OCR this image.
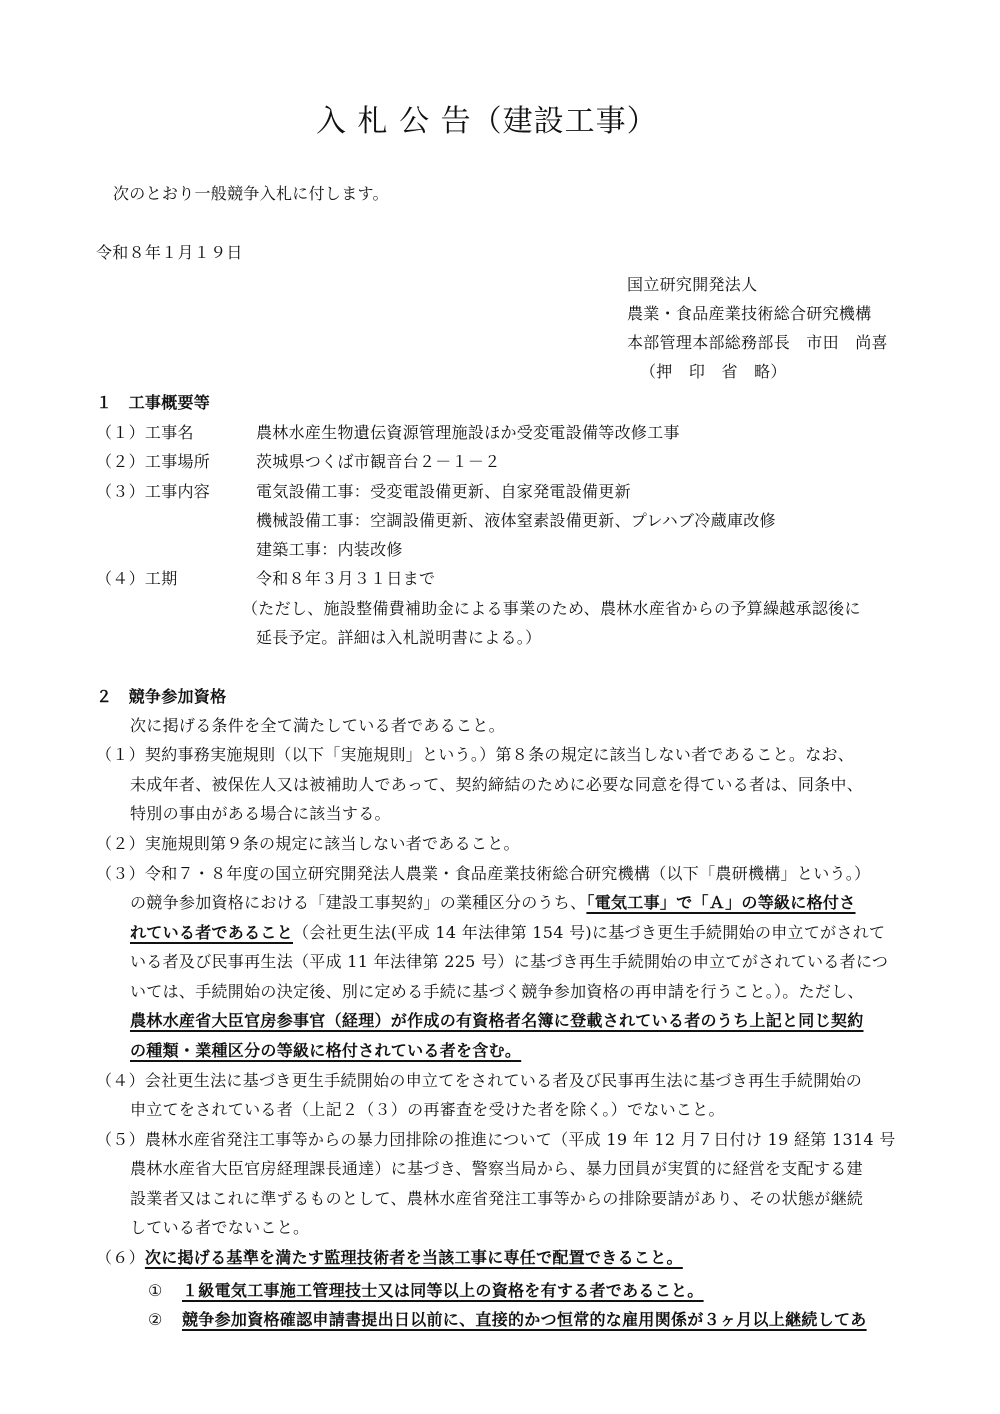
入 札 公 告（建設工事）
次のとおり一般競争入札に付します。
令和８年１月１９日
国立研究開発法人
農業・食品産業技術総合研究機構
本部管理本部総務部長　市田　尚喜
（押　印　省　略）
１　工事概要等
（１）工事名	農林水産生物遺伝資源管理施設ほか受変電設備等改修工事
（２）工事場所	茨城県つくば市観音台２－１－２
（３）工事内容	電気設備工事：受変電設備更新、自家発電設備更新
機械設備工事：空調設備更新、液体窒素設備更新、プレハブ冷蔵庫改修
建築工事：内装改修
（４）工期	令和８年３月３１日まで
（ただし、施設整備費補助金による事業のため、農林水産省からの予算繰越承認後に
延長予定。詳細は入札説明書による。）
２　競争参加資格
次に掲げる条件を全て満たしている者であること。
（１）契約事務実施規則（以下「実施規則」という。）第８条の規定に該当しない者であること。なお、
未成年者、被保佐人又は被補助人であって、契約締結のために必要な同意を得ている者は、同条中、
特別の事由がある場合に該当する。
（２）実施規則第９条の規定に該当しない者であること。
（３）令和７・８年度の国立研究開発法人農業・食品産業技術総合研究機構（以下「農研機構」という。）
の競争参加資格における「建設工事契約」の業種区分のうち、「電気工事」で「Ａ」の等級に格付さ
れている者であること（会社更生法(平成 14 年法律第 154 号)に基づき更生手続開始の申立てがされて
いる者及び民事再生法（平成 11 年法律第 225 号）に基づき再生手続開始の申立てがされている者につ
いては、手続開始の決定後、別に定める手続に基づく競争参加資格の再申請を行うこと。）。ただし、
農林水産省大臣官房参事官（経理）が作成の有資格者名簿に登載されている者のうち上記と同じ契約
の種類・業種区分の等級に格付されている者を含む。
（４）会社更生法に基づき更生手続開始の申立てをされている者及び民事再生法に基づき再生手続開始の
申立てをされている者（上記２（３）の再審査を受けた者を除く。）でないこと。
（５）農林水産省発注工事等からの暴力団排除の推進について（平成 19 年 12 月７日付け 19 経第 1314 号
農林水産省大臣官房経理課長通達）に基づき、警察当局から、暴力団員が実質的に経営を支配する建
設業者又はこれに準ずるものとして、農林水産省発注工事等からの排除要請があり、その状態が継続
している者でないこと。
（６）次に掲げる基準を満たす監理技術者を当該工事に専任で配置できること。
① １級電気工事施工管理技士又は同等以上の資格を有する者であること。
② 競争参加資格確認申請書提出日以前に、直接的かつ恒常的な雇用関係が３ヶ月以上継続してあ
